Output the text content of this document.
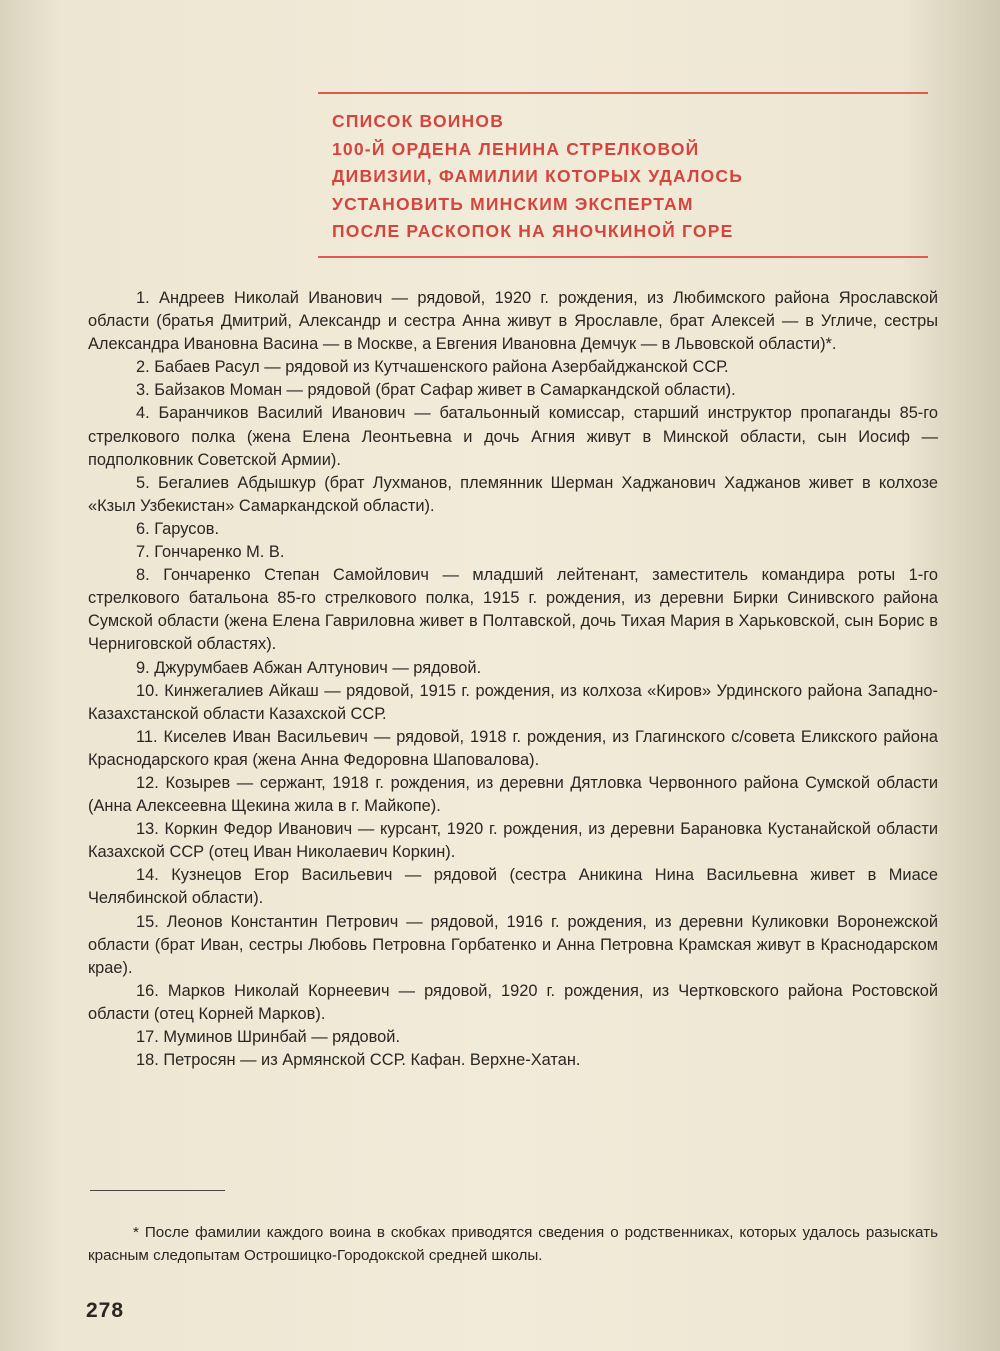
СПИСОК ВОИНОВ
100-Й ОРДЕНА ЛЕНИНА СТРЕЛКОВОЙ
ДИВИЗИИ, ФАМИЛИИ КОТОРЫХ УДАЛОСЬ
УСТАНОВИТЬ МИНСКИМ ЭКСПЕРТАМ
ПОСЛЕ РАСКОПОК НА ЯНОЧКИНОЙ ГОРЕ

1. Андреев Николай Иванович — рядовой, 1920 г. рождения, из Любимского района Ярославской области (братья Дмитрий, Александр и сестра Анна живут в Ярославле, брат Алексей — в Угличе, сестры Александра Ивановна Васина — в Москве, а Евгения Ивановна Демчук — в Львовской области)*.

2. Бабаев Расул — рядовой из Кутчашенского района Азербайджанской ССР.

3. Байзаков Моман — рядовой (брат Сафар живет в Самаркандской области).

4. Баранчиков Василий Иванович — батальонный комиссар, старший инструктор пропаганды 85-го стрелкового полка (жена Елена Леонтьевна и дочь Агния живут в Минской области, сын Иосиф — подполковник Советской Армии).

5. Бегалиев Абдышкур (брат Лухманов, племянник Шерман Хаджанович Хаджанов живет в колхозе «Кзыл Узбекистан» Самаркандской области).

6. Гарусов.

7. Гончаренко М. В.

8. Гончаренко Степан Самойлович — младший лейтенант, заместитель командира роты 1-го стрелкового батальона 85-го стрелкового полка, 1915 г. рождения, из деревни Бирки Синивского района Сумской области (жена Елена Гавриловна живет в Полтавской, дочь Тихая Мария в Харьковской, сын Борис в Черниговской областях).

9. Джурумбаев Абжан Алтунович — рядовой.

10. Кинжегалиев Айкаш — рядовой, 1915 г. рождения, из колхоза «Киров» Урдинского района Западно-Казахстанской области Казахской ССР.

11. Киселев Иван Васильевич — рядовой, 1918 г. рождения, из Глагинского с/совета Еликского района Краснодарского края (жена Анна Федоровна Шаповалова).

12. Козырев — сержант, 1918 г. рождения, из деревни Дятловка Червонного района Сумской области (Анна Алексеевна Щекина жила в г. Майкопе).

13. Коркин Федор Иванович — курсант, 1920 г. рождения, из деревни Барановка Кустанайской области Казахской ССР (отец Иван Николаевич Коркин).

14. Кузнецов Егор Васильевич — рядовой (сестра Аникина Нина Васильевна живет в Миасе Челябинской области).

15. Леонов Константин Петрович — рядовой, 1916 г. рождения, из деревни Куликовки Воронежской области (брат Иван, сестры Любовь Петровна Горбатенко и Анна Петровна Крамская живут в Краснодарском крае).

16. Марков Николай Корнеевич — рядовой, 1920 г. рождения, из Чертковского района Ростовской области (отец Корней Марков).

17. Муминов Шринбай — рядовой.

18. Петросян — из Армянской ССР. Кафан. Верхне-Хатан.

* После фамилии каждого воина в скобках приводятся сведения о родственниках, которых удалось разыскать красным следопытам Острошицко-Городокской средней школы.

278
